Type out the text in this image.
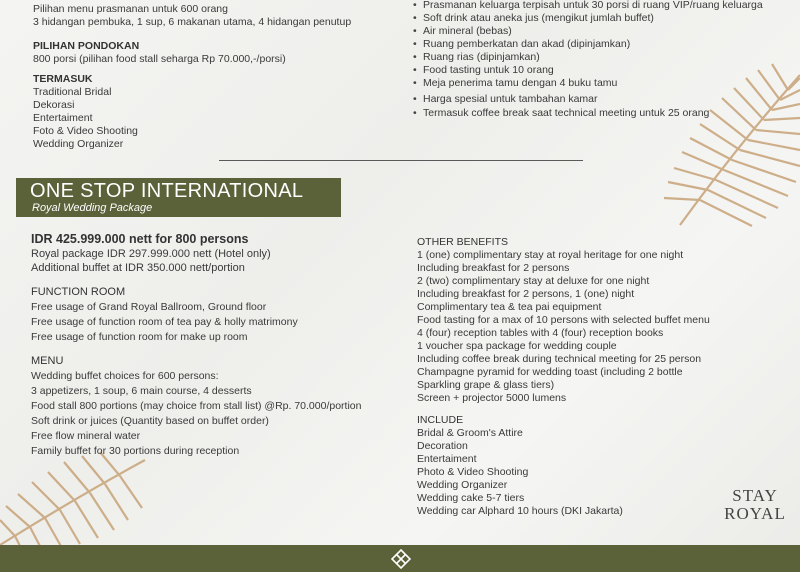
Pilihan menu prasmanan untuk 600 orang
3 hidangan pembuka, 1 sup, 6 makanan utama, 4 hidangan penutup
PILIHAN PONDOKAN
800 porsi (pilihan food stall seharga Rp 70.000,-/porsi)
TERMASUK
Traditional Bridal
Dekorasi
Entertaiment
Foto & Video Shooting
Wedding Organizer
• Prasmanan keluarga terpisah untuk 30 porsi di ruang VIP/ruang keluarga
• Soft drink atau aneka jus (mengikut jumlah buffet)
• Air mineral (bebas)
• Ruang pemberkatan dan akad (dipinjamkan)
• Ruang rias (dipinjamkan)
• Food tasting untuk 10 orang
• Meja penerima tamu dengan 4 buku tamu
• Harga spesial untuk tambahan kamar
• Termasuk coffee break saat technical meeting untuk 25 orang
ONE STOP INTERNATIONAL
Royal Wedding Package
IDR 425.999.000 nett for 800 persons
Royal package IDR 297.999.000 nett (Hotel only)
Additional buffet at IDR 350.000 nett/portion
FUNCTION ROOM
Free usage of Grand Royal Ballroom, Ground floor
Free usage of function room of tea pay & holly matrimony
Free usage of function room for make up room
MENU
Wedding buffet choices for 600 persons:
3 appetizers, 1 soup, 6 main course, 4 desserts
Food stall 800 portions (may choice from stall list) @Rp. 70.000/portion
Soft drink or juices (Quantity based on buffet order)
Free flow mineral water
Family buffet for 30 portions during reception
OTHER BENEFITS
1 (one) complimentary stay at royal heritage for one night
Including breakfast for 2 persons
2 (two) complimentary stay at deluxe for one night
Including breakfast for 2 persons, 1 (one) night
Complimentary tea & tea pai equipment
Food tasting for a max of 10 persons with selected buffet menu
4 (four) reception tables with 4 (four) reception books
1 voucher spa package for wedding couple
Including coffee break during technical meeting for 25 person
Champagne pyramid for wedding toast (including 2 bottle
Sparkling grape & glass tiers)
Screen + projector 5000 lumens
INCLUDE
Bridal & Groom's Attire
Decoration
Entertaiment
Photo & Video Shooting
Wedding Organizer
Wedding cake 5-7 tiers
Wedding car Alphard 10 hours (DKI Jakarta)
STAY
ROYAL
